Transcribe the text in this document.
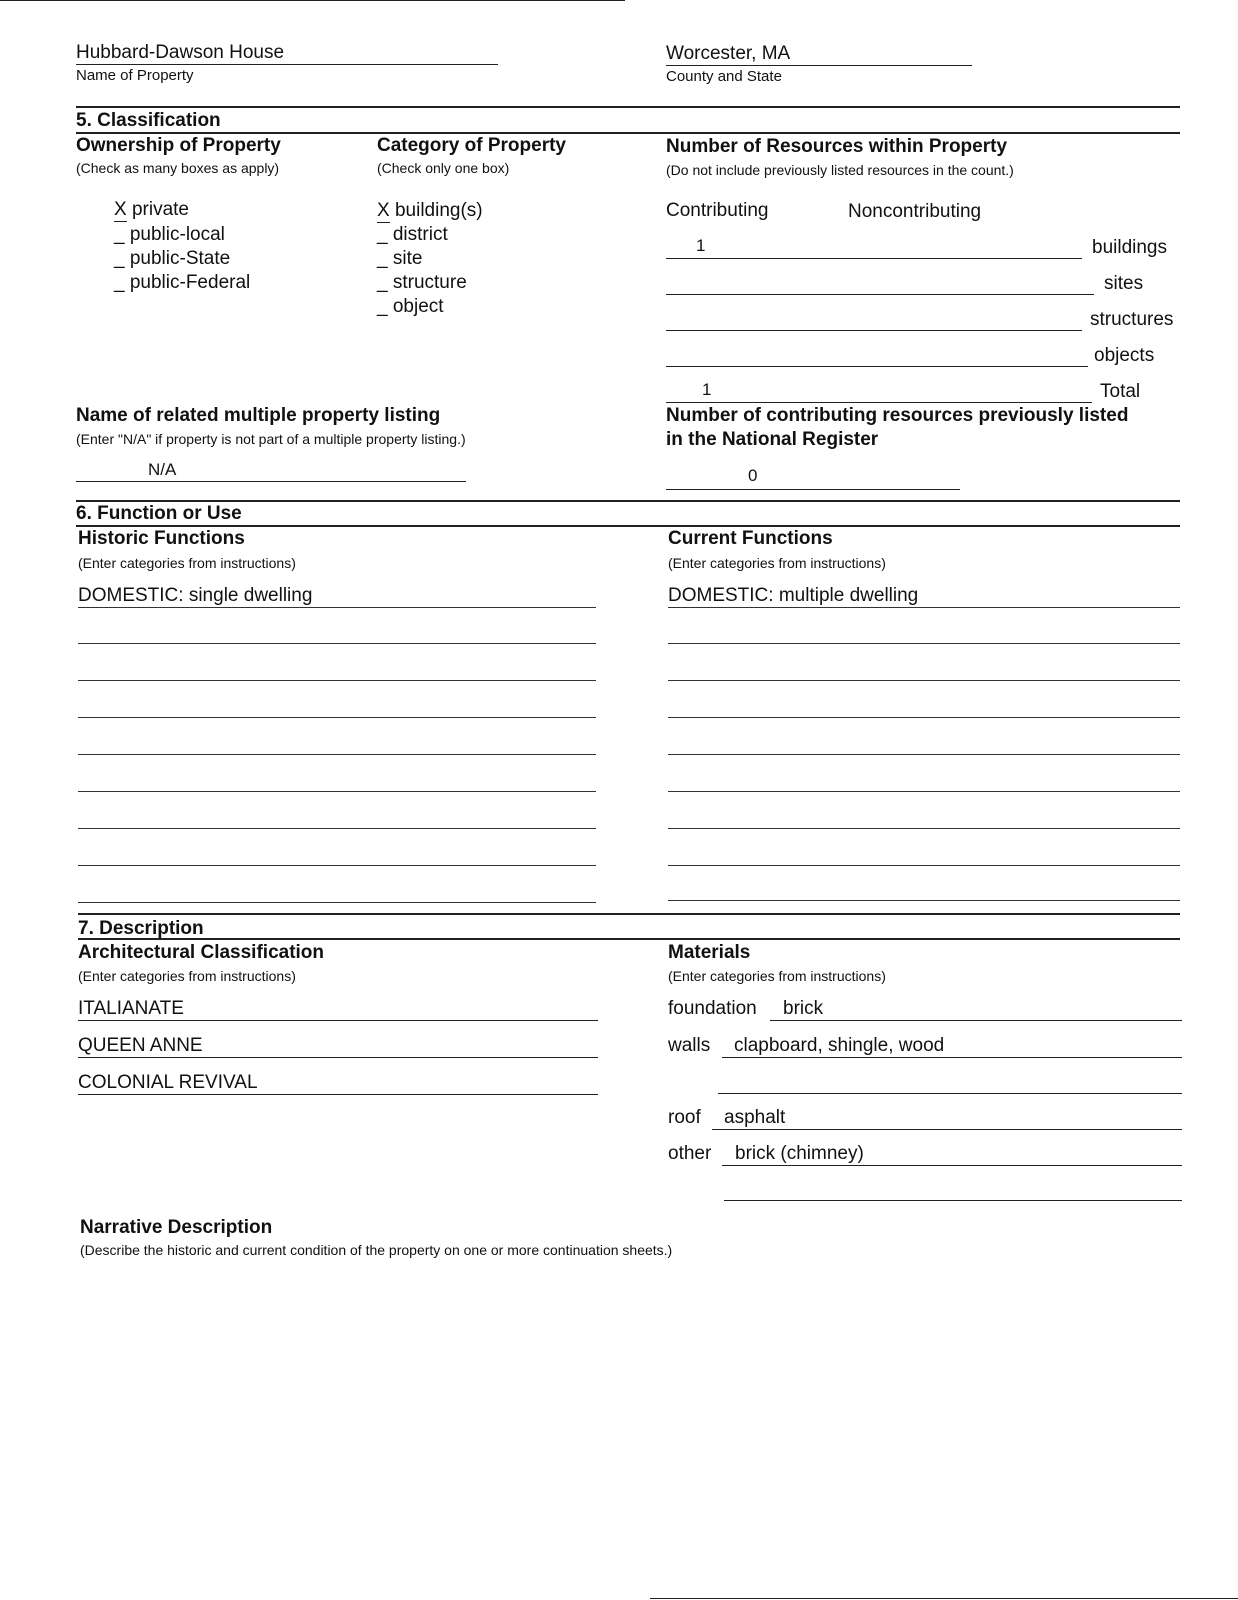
Hubbard-Dawson House
Name of Property
Worcester, MA
County and State
5. Classification
Ownership of Property
(Check as many boxes as apply)
X private
_ public-local
_ public-State
_ public-Federal
Category of Property
(Check only one box)
X building(s)
_ district
_ site
_ structure
_ object
Number of Resources within Property
(Do not include previously listed resources in the count.)
Contributing	Noncontributing
1	buildings
sites
structures
objects
1	Total
Name of related multiple property listing
(Enter "N/A" if property is not part of a multiple property listing.)
N/A
Number of contributing resources previously listed
in the National Register
0
6. Function or Use
Historic Functions
(Enter categories from instructions)
DOMESTIC: single dwelling
Current Functions
(Enter categories from instructions)
DOMESTIC: multiple dwelling
7. Description
Architectural Classification
(Enter categories from instructions)
ITALIANATE
QUEEN ANNE
COLONIAL REVIVAL
Materials
(Enter categories from instructions)
foundation brick
walls clapboard, shingle, wood
roof asphalt
other brick (chimney)
Narrative Description
(Describe the historic and current condition of the property on one or more continuation sheets.)
